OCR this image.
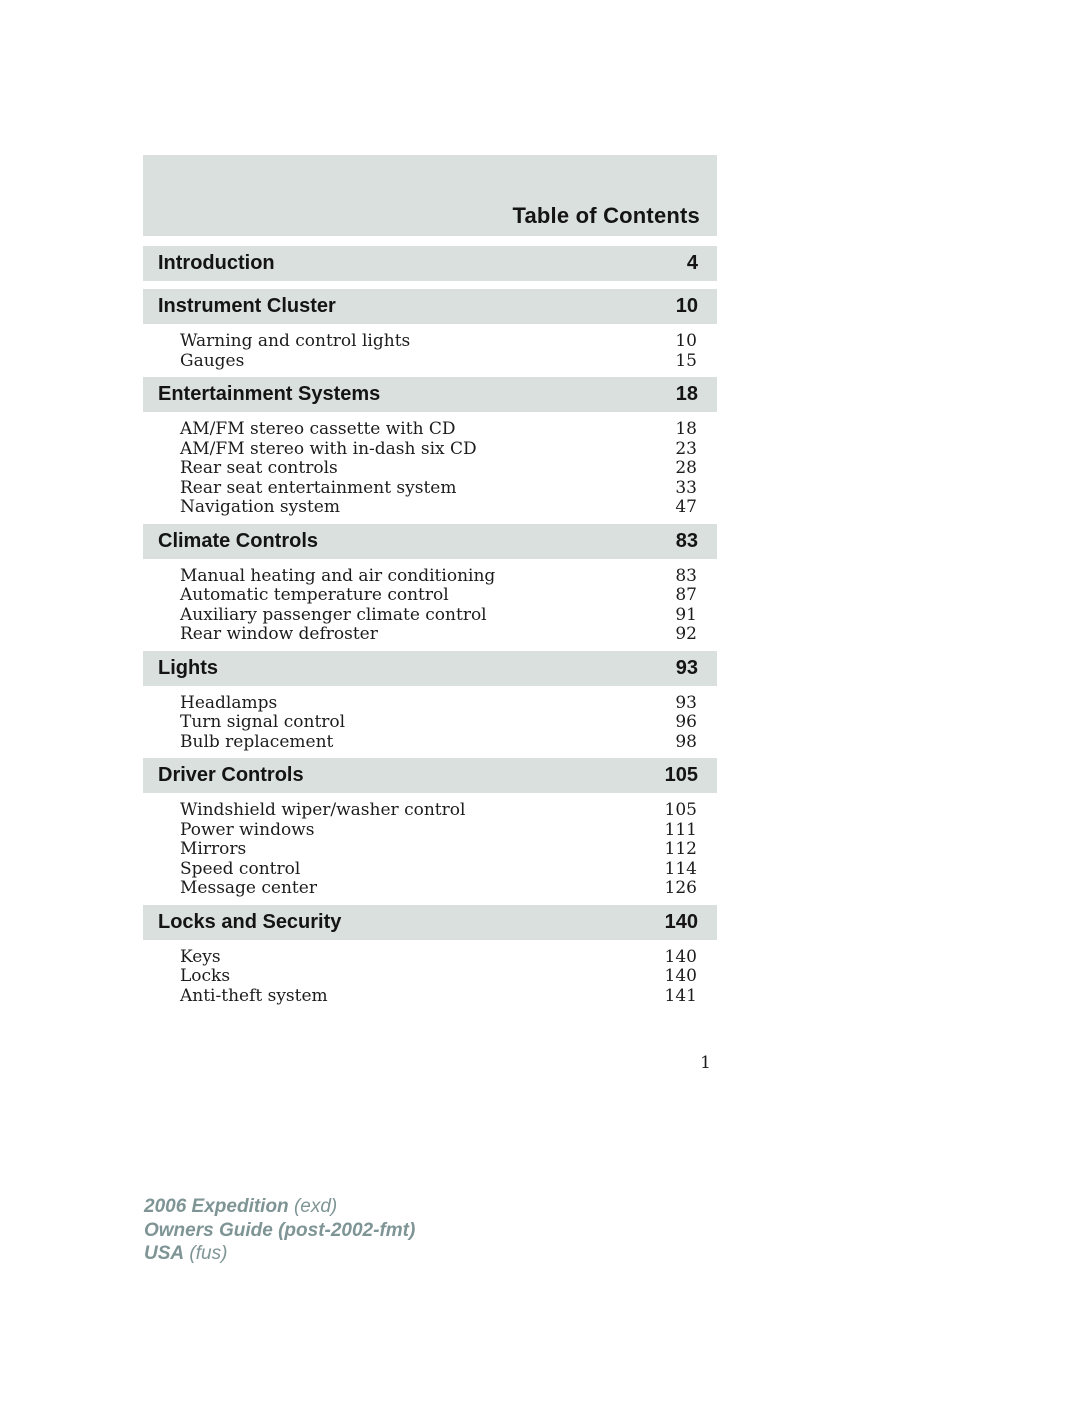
Table of Contents
Introduction	4
Instrument Cluster	10
Warning and control lights	10
Gauges	15
Entertainment Systems	18
AM/FM stereo cassette with CD	18
AM/FM stereo with in-dash six CD	23
Rear seat controls	28
Rear seat entertainment system	33
Navigation system	47
Climate Controls	83
Manual heating and air conditioning	83
Automatic temperature control	87
Auxiliary passenger climate control	91
Rear window defroster	92
Lights	93
Headlamps	93
Turn signal control	96
Bulb replacement	98
Driver Controls	105
Windshield wiper/washer control	105
Power windows	111
Mirrors	112
Speed control	114
Message center	126
Locks and Security	140
Keys	140
Locks	140
Anti-theft system	141
1
2006 Expedition (exd)
Owners Guide (post-2002-fmt)
USA (fus)
